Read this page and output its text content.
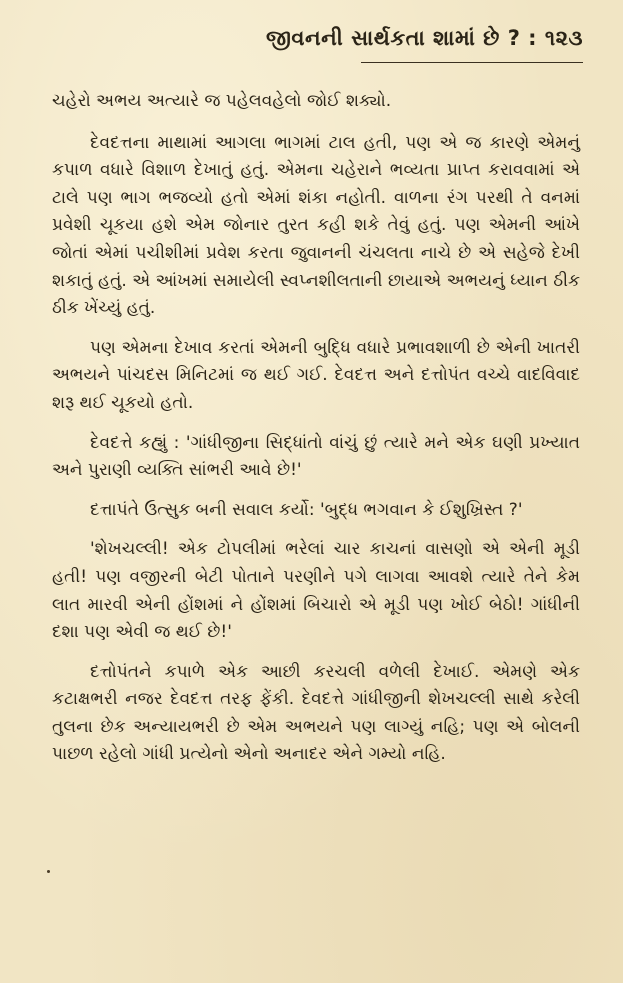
જીવનની સાર્થકતા શામાં છે ? : ૧૨૩

ચહેરો અભય અત્યારે જ પહેલવહેલો જોઈ શક્યો.

દેવદત્તના માથામાં આગલા ભાગમાં ટાલ હતી, પણ એ જ કારણે એમનું કપાળ વધારે વિશાળ દેખાતું હતું. એમના ચહેરાને ભવ્યતા પ્રાપ્ત કરાવવામાં એ ટાલે પણ ભાગ ભજવ્યો હતો એમાં શંકા નહોતી. વાળના રંગ પરથી તે વનમાં પ્રવેશી ચૂકયા હશે એમ જોનાર તુરત કહી શકે તેવું હતું. પણ એમની આંખે જોતાં એમાં પચીશીમાં પ્રવેશ કરતા જુવાનની ચંચલતા નાચે છે એ સહેજે દેખી શકાતું હતું. એ આંખમાં સમાયેલી સ્વપ્નશીલતાની છાયાએ અભયનું ધ્યાન ઠીક ઠીક ખેંચ્યું હતું.

પણ એમના દેખાવ કરતાં એમની બુદ્ધિ વધારે પ્રભાવશાળી છે એની ખાતરી અભયને પાંચદસ મિનિટમાં જ થઈ ગઈ. દેવદત્ત અને દત્તોપંત વચ્ચે વાદવિવાદ શરૂ થઈ ચૂકયો હતો.

દેવદત્તે કહ્યું : 'ગાંધીજીના સિદ્ધાંતો વાંચું છું ત્યારે મને એક ઘણી પ્રખ્યાત અને પુરાણી વ્યક્તિ સાંભરી આવે છે!'

દત્તાપંતે ઉત્સુક બની સવાલ કર્યો: 'બુદ્ધ ભગવાન કે ઈશુખ્રિસ્ત ?'

'શેખચલ્લી! એક ટોપલીમાં ભરેલાં ચાર કાચનાં વાસણો એ એની મૂડી હતી! પણ વજીરની બેટી પોતાને પરણીને પગે લાગવા આવશે ત્યારે તેને કેમ લાત મારવી એની હોંશમાં ને હોંશમાં બિચારો એ મૂડી પણ ખોઈ બેઠો! ગાંધીની દશા પણ એવી જ થઈ છે!'

દત્તોપંતને કપાળે એક આછી કરચલી વળેલી દેખાઈ. એમણે એક કટાક્ષભરી નજર દેવદત્ત તરફ ફેંકી. દેવદત્તે ગાંધીજીની શેખચલ્લી સાથે કરેલી તુલના છેક અન્યાયભરી છે એમ અભયને પણ લાગ્યું નહિ; પણ એ બોલની પાછળ રહેલો ગાંધી પ્રત્યેનો એનો અનાદર એને ગમ્યો નહિ.
